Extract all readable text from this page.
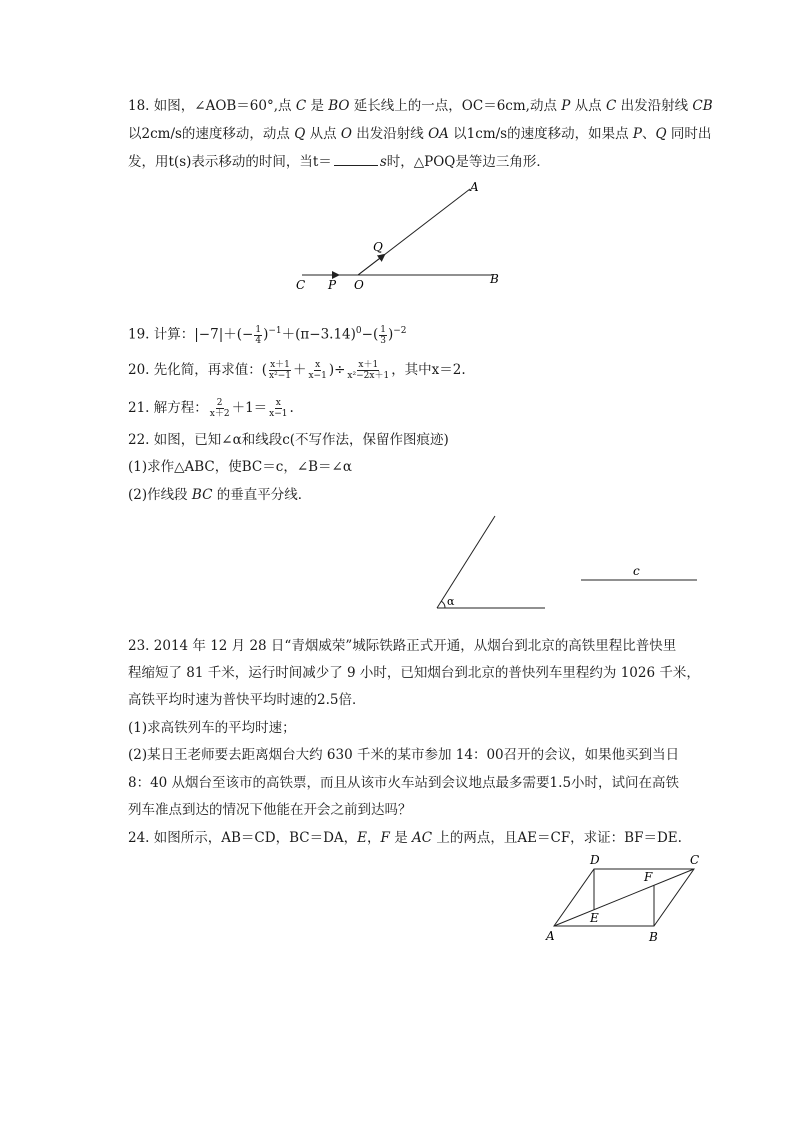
18. 如图，∠AOB＝60°,点 C 是 BO 延长线上的一点，OC＝6cm,动点 P 从点 C 出发沿射线 CB
以2cm/s的速度移动，动点 Q 从点 O 出发沿射线 OA 以1cm/s的速度移动，如果点 P、Q 同时出
发，用t(s)表示移动的时间，当t＝	s时，△POQ是等边三角形．
A
Q
C P O	B
19. 计算：$|-7|+(- \frac{1}{4} )^{-1}+(\pi-3.14)^0-( \frac{1}{3} )^{-2}$
20. 先化简，再求值：( $\frac{x+1}{\text{x²−1}} + \frac{x}{x-1}$ )÷ $\frac{x+1}{\text{x²−2x＋1}}$ ，其中x＝2.
21. 解方程： $\frac{2}{x+2} +1= \frac{x}{x-1}$ .
22. 如图，已知∠α和线段c(不写作法，保留作图痕迹)
(1)求作△ABC，使BC＝c，∠B＝∠α
(2)作线段 BC 的垂直平分线．
α
c
23. 2014 年 12 月 28 日“青烟威荣”城际铁路正式开通，从烟台到北京的高铁里程比普快里
程缩短了 81 千米，运行时间减少了 9 小时，已知烟台到北京的普快列车里程约为 1026 千米，
高铁平均时速为普快平均时速的2.5倍．
(1)求高铁列车的平均时速；
(2)某日王老师要去距离烟台大约 630 千米的某市参加 14：00召开的会议，如果他买到当日
8：40 从烟台至该市的高铁票，而且从该市火车站到会议地点最多需要1.5小时，试问在高铁
列车准点到达的情况下他能在开会之前到达吗？
24. 如图所示，AB＝CD，BC＝DA，E，F 是 AC 上的两点，且AE＝CF，求证：BF＝DE.
A	B
C
D
E
F
